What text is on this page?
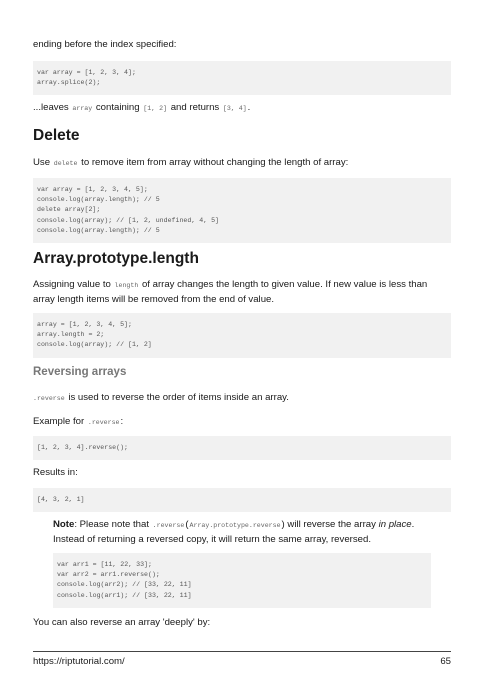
ending before the index specified:

var array = [1, 2, 3, 4];
array.splice(2);

...leaves array containing [1, 2] and returns [3, 4].

Delete

Use delete to remove item from array without changing the length of array:

var array = [1, 2, 3, 4, 5];
console.log(array.length); // 5
delete array[2];
console.log(array); // [1, 2, undefined, 4, 5]
console.log(array.length); // 5
Array.prototype.length

Assigning value to length of array changes the length to given value. If new value is less than
array length items will be removed from the end of value.

array = [1, 2, 3, 4, 5];
array.length = 2;
console.log(array); // [1, 2]
Reversing arrays

.reverse is used to reverse the order of items inside an array.

Example for .reverse:

[1, 2, 3, 4].reverse();

Results in:

[4, 3, 2, 1]

Note: Please note that .reverse(Array.prototype.reverse) will reverse the array in place.
Instead of returning a reversed copy, it will return the same array, reversed.

var arr1 = [11, 22, 33];
var arr2 = arr1.reverse();
console.log(arr2); // [33, 22, 11]
console.log(arr1); // [33, 22, 11]

You can also reverse an array 'deeply' by:

https://riptutorial.com/	65
